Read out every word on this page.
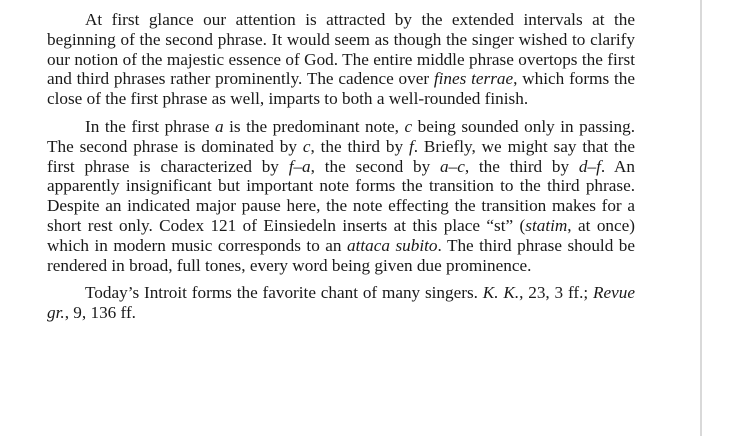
At first glance our attention is attracted by the extended intervals at the beginning of the second phrase. It would seem as though the singer wished to clarify our notion of the majestic essence of God. The entire middle phrase overtops the first and third phrases rather prominently. The cadence over fines terrae, which forms the close of the first phrase as well, imparts to both a well-rounded finish.

In the first phrase a is the predominant note, c being sounded only in passing. The second phrase is dominated by c, the third by f. Briefly, we might say that the first phrase is characterized by f–a, the second by a–c, the third by d–f. An apparently insignificant but important note forms the transition to the third phrase. Despite an indicated major pause here, the note effecting the transition makes for a short rest only. Codex 121 of Einsiedeln inserts at this place “st” (statim, at once) which in modern music corresponds to an attaca subito. The third phrase should be rendered in broad, full tones, every word being given due prominence.

Today’s Introit forms the favorite chant of many singers. K. K., 23, 3 ff.; Revue gr., 9, 136 ff.
